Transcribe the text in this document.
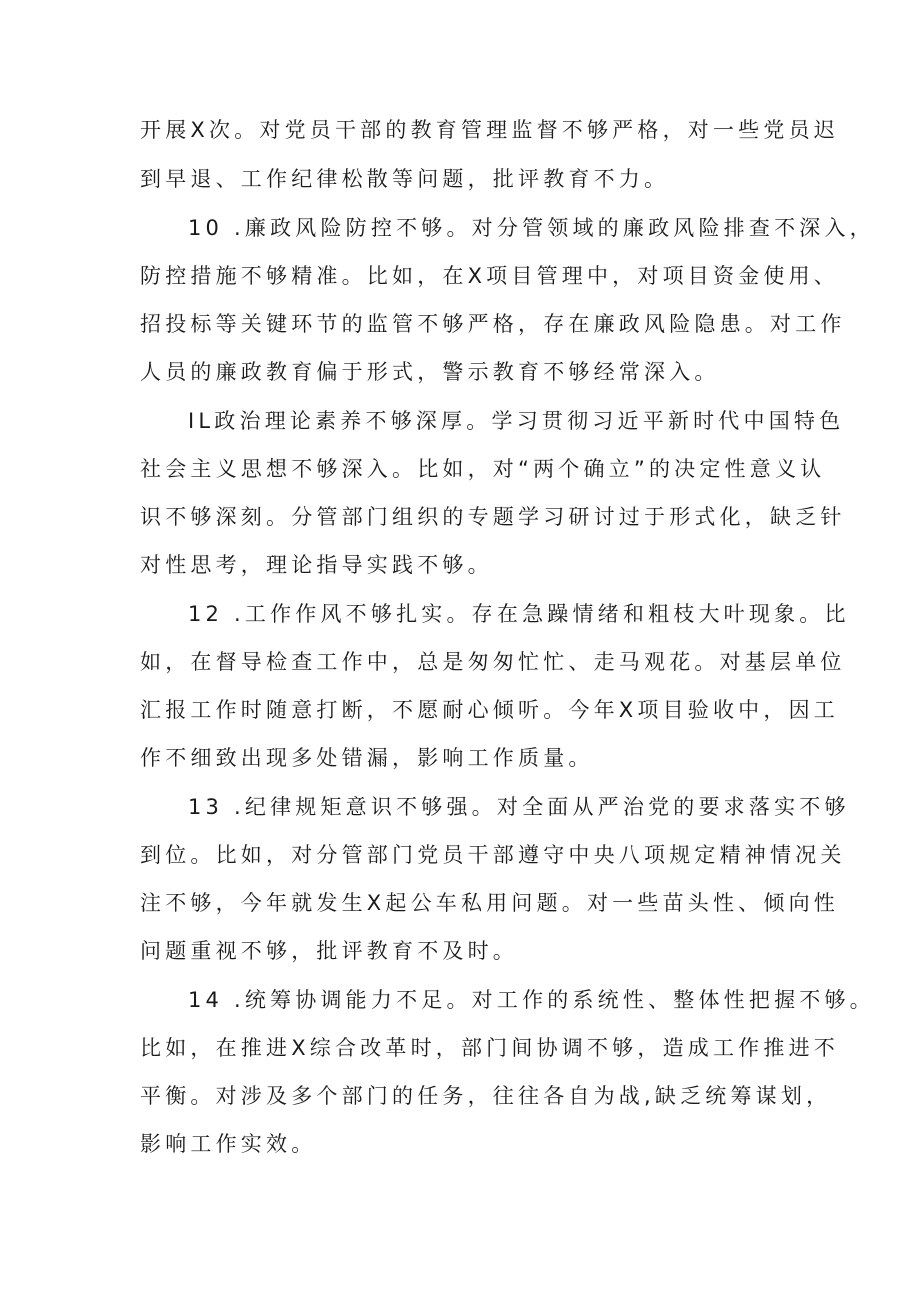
开展X次。对党员干部的教育管理监督不够严格，对一些党员迟
到早退、工作纪律松散等问题，批评教育不力。
10 .廉政风险防控不够。对分管领域的廉政风险排查不深入，
防控措施不够精准。比如，在X项目管理中，对项目资金使用、
招投标等关键环节的监管不够严格，存在廉政风险隐患。对工作
人员的廉政教育偏于形式，警示教育不够经常深入。
IL政治理论素养不够深厚。学习贯彻习近平新时代中国特色
社会主义思想不够深入。比如，对“两个确立”的决定性意义认
识不够深刻。分管部门组织的专题学习研讨过于形式化，缺乏针
对性思考，理论指导实践不够。
12 .工作作风不够扎实。存在急躁情绪和粗枝大叶现象。比
如，在督导检查工作中，总是匆匆忙忙、走马观花。对基层单位
汇报工作时随意打断，不愿耐心倾听。今年X项目验收中，因工
作不细致出现多处错漏，影响工作质量。
13 .纪律规矩意识不够强。对全面从严治党的要求落实不够
到位。比如，对分管部门党员干部遵守中央八项规定精神情况关
注不够，今年就发生X起公车私用问题。对一些苗头性、倾向性
问题重视不够，批评教育不及时。
14 .统筹协调能力不足。对工作的系统性、整体性把握不够。
比如，在推进X综合改革时，部门间协调不够，造成工作推进不
平衡。对涉及多个部门的任务，往往各自为战,缺乏统筹谋划，
影响工作实效。
